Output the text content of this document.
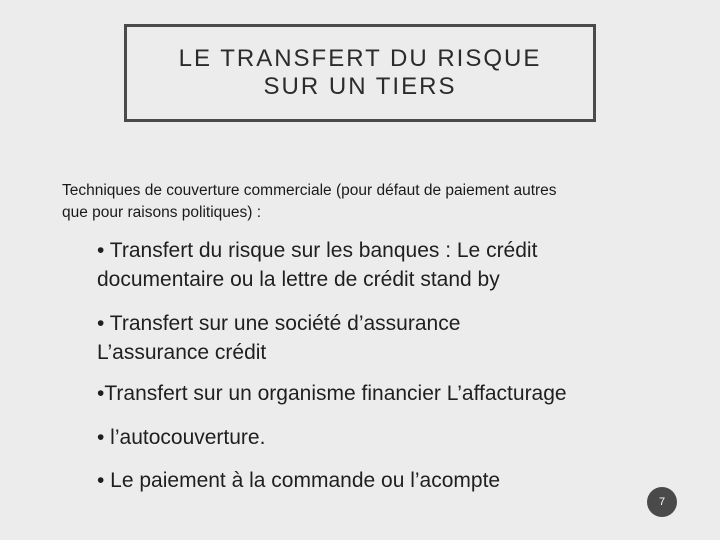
LE TRANSFERT DU RISQUE
SUR UN TIERS
Techniques de couverture commerciale (pour défaut de paiement autres
que pour raisons politiques) :
• Transfert du risque sur les banques : Le crédit
documentaire ou la lettre de crédit stand by
• Transfert sur une société d’assurance
L’assurance crédit
•Transfert sur un organisme financier L’affacturage
• l’autocouverture.
• Le paiement à la commande ou l’acompte
7
